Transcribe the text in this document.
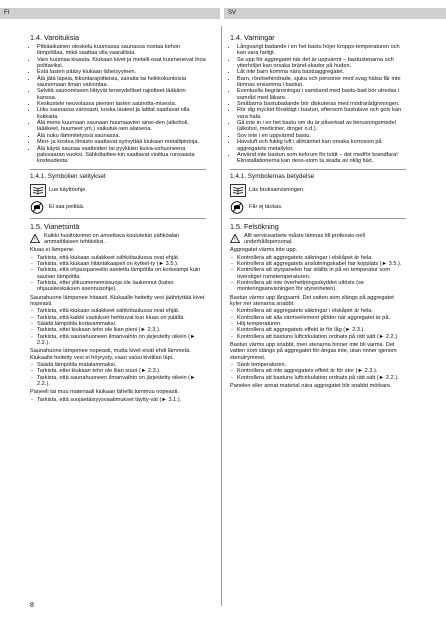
FI	SV
1.4. Varoituksia
• Pitkäaikainen oleskelu kuumassa saunassa nostaa kehon lämpötilaa, mikä saattaa olla vaarallista.
• Varo kuumaa kiuasta. Kiukaan kivet ja metalli-osat kuumenevat ihoa polttaviksi.
• Estä lasten pääsy kiukaan läheisyyteen.
• Älä jätä lapsia, liikuntarajoitteisia, sairaita tai heikkokuntoisia saunomaan ilman valvontaa.
• Selvitä saunomiseen liittyvät terveydelliset rajoitteet lääkärin kanssa.
• Keskustele neuvolassa pienten lasten saunotta-misesta.
• Liiku saunassa varovasti, koska lauteet ja lattiat saattavat olla liukkaita.
• Älä mene kuumaan saunaan huumaavien ainei-den (alkoholi, lääkkeet, huumeet ym.) vaikutuk-sen alaisena.
• Älä nuku lämmitetyssä saunassa.
• Meri- ja kostea ilmasto saattavat syövyttää kiukaan metallipintoja.
• Älä käytä saunaa vaatteiden tai pyykkien kuiva-ushuoneena palovaaran vuoksi. Sähkölaittee-kin saattavat vioittua runsaasta kosteudesta.
1.4.1. Symbolien selitykset
Lue käyttöohje.
Ei saa peittää.
1.5. Vianetsintä
!
Kaikki huoltotoimet on annettava koulutetun sähköalan ammattilaisen tehtäviksi.

Kiuas ei lämpene.

- Tarkista, että kiukaan sulakkeet sähkötaulussa ovat ehjät.
- Tarkista, että kiukaan liitäntäkaapeli on kytket-ty (► 3.5.).
- Tarkista, että ohjauspaneelin asetettu lämpötila on korkeampi kuin saunan lämpötila.
- Tarkista, ettei ylikuumenemissuoja ole laukennut (katso ohjauskeskuksen asennusohje).

Saunahuone lämpenee hitaasti. Kiukaalle heitetty vesi jäähdyttää kivet nopeasti.

- Tarkista, että kiukaan sulakkeet sähkötaulussa ovat ehjät.
- Tarkista, että kaikki vastukset hehkuvat kun kiuas on päällä.
- Säädä lämpötila korkeammaksi.
- Tarkista, ettei kiukaan teho ole liian pieni (► 2.3.).
- Tarkista, että saunahuoneen ilmanvaihto on järjestetty oikein (► 2.2.).

Saunahuone lämpenee nopeasti, mutta kivet eivät ehdi lämmetä. Kiukaalle heitetty vesi ei höyrysty, vaan valuu kivitilan läpi.

- Säädä lämpötila matalammaksi.
- Tarkista, ettei kiukaan teho ole liian suuri (► 2.3.).
- Tarkista, että saunahuoneen ilmanvaihto on järjestetty oikein (► 2.2.).

Paneeli tai muu materiaali kiukaan lähellä tummuu nopeasti.

- Tarkista, että suojaetäisyysvaatimukset täytty-vät (► 3.1.).
1.4. Varningar
• Långvarigt badande i en het bastu höjer kropps-temperaturen och kan vara farligt.
• Se upp för aggregatet när det är uppvärmt – bastustenarna och ytterhöljet kan orsaka bränd-skador på huden.
• Låt inte barn komma nära bastuaggregatet.
• Barn, rörelsehindrade, sjuka och personer med svag hälsa får inte lämnas ensamma i bastun.
• Eventuella begränsningar i samband med bastu-bad bör utredas i samråd med läkare.
• Småbarns bastubadande bör diskuteras med mödrarådgivningen.
• Rör dig mycket försiktigt i bastun, eftersom bastulave och golv kan vara hala.
• Gå inte in i en het bastu om du är påverkad av berusningsmedel (alkohol, mediciner, droger o.d.).
• Sov inte i en uppvärmd bastu.
• Havsluft och fuktig luft i allmänhet kan orsaka korrosion på aggregatets metallytor.
• Använd inte bastun som torkrum för tvätt – det medför brandfara! Elinstallationerna kan dess-utom ta skada av riklig fukt.
1.4.1. Symbolernas betydelse
Läs bruksanvisningen.
Får ej täckas.
1.5. Felsökning
!
Allt servicearbete måste lämnas till professio-nell underhållspersonal.

Aggregatet värms inte upp.

- Kontrollera att aggregatets säkringar i elskåpet är hela.
- Kontrollera att aggregatets anslutningskabel har kopplats (► 3.5.).
- Kontrollera att styrpanelen har ställts in på en temperatur som överstiger rumstemperaturen.
- Kontrollera att inte överhettningsskyddet utlösts (se monteringsanvisningen för styrenheten).

Bastun värms upp långsamt. Det vatten som slängs på aggregatet kyler ner stenarna snabbt.

- Kontrollera att aggregatets säkringar i elskåpet är hela.
- Kontrollera att alla värmeelement glöder när aggregatet är på.
- Höj temperaturen.
- Kontrollera att aggregatets effekt är för låg (► 2.3.).
- Kontrollera att bastuns luftcirkulation ordnats på rätt sätt (► 2.2.).

Bastun värms upp snabbt, men stenarna hinner inte bli varma. Det vatten som slängs på aggregatet för-ångas inte, utan rinner igenom stenutrymmet.

- Sänk temperaturen.
- Kontrollera att inte aggregatets effekt är för stor (► 2.3.).
- Kontrollera att bastuns luftcirkulation ordnats på rätt sätt (► 2.2.).

Panelen eller annat material nära aggregatet blir snabbt mörkare.

8
